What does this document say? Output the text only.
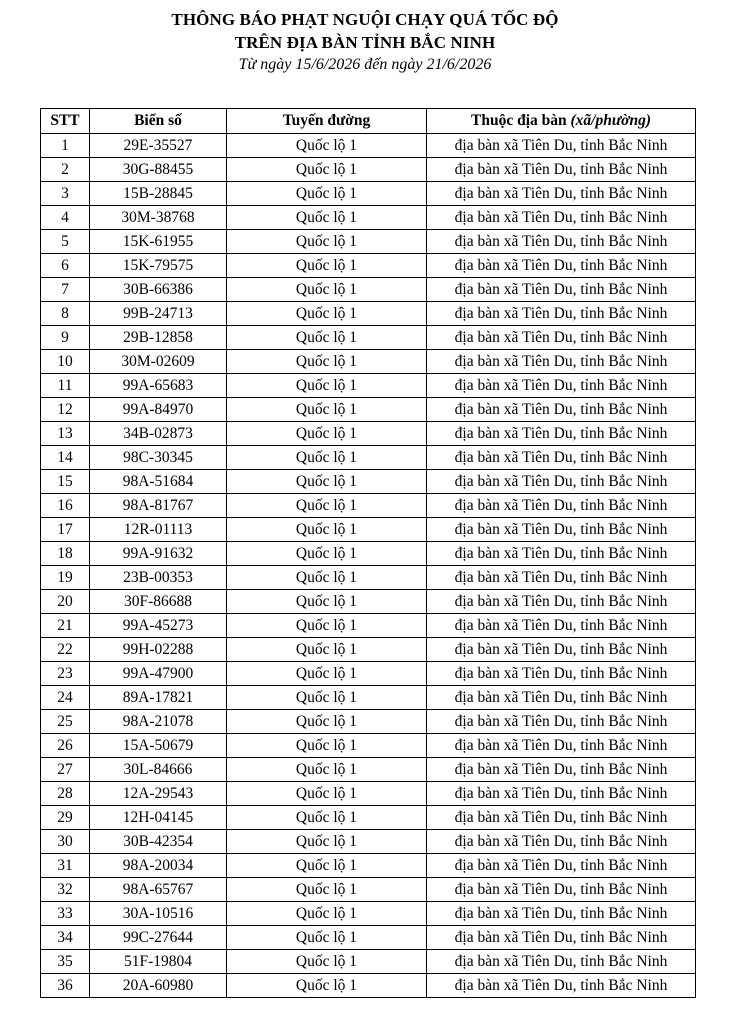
THÔNG BÁO PHẠT NGUỘI CHẠY QUÁ TỐC ĐỘ
TRÊN ĐỊA BÀN TỈNH BẮC NINH
Từ ngày 15/6/2026 đến ngày 21/6/2026
STT	Biển số	Tuyến đường	Thuộc địa bàn (xã/phường)
1	29E-35527	Quốc lộ 1	địa bàn xã Tiên Du, tỉnh Bắc Ninh
2	30G-88455	Quốc lộ 1	địa bàn xã Tiên Du, tỉnh Bắc Ninh
3	15B-28845	Quốc lộ 1	địa bàn xã Tiên Du, tỉnh Bắc Ninh
4	30M-38768	Quốc lộ 1	địa bàn xã Tiên Du, tỉnh Bắc Ninh
5	15K-61955	Quốc lộ 1	địa bàn xã Tiên Du, tỉnh Bắc Ninh
6	15K-79575	Quốc lộ 1	địa bàn xã Tiên Du, tỉnh Bắc Ninh
7	30B-66386	Quốc lộ 1	địa bàn xã Tiên Du, tỉnh Bắc Ninh
8	99B-24713	Quốc lộ 1	địa bàn xã Tiên Du, tỉnh Bắc Ninh
9	29B-12858	Quốc lộ 1	địa bàn xã Tiên Du, tỉnh Bắc Ninh
10	30M-02609	Quốc lộ 1	địa bàn xã Tiên Du, tỉnh Bắc Ninh
11	99A-65683	Quốc lộ 1	địa bàn xã Tiên Du, tỉnh Bắc Ninh
12	99A-84970	Quốc lộ 1	địa bàn xã Tiên Du, tỉnh Bắc Ninh
13	34B-02873	Quốc lộ 1	địa bàn xã Tiên Du, tỉnh Bắc Ninh
14	98C-30345	Quốc lộ 1	địa bàn xã Tiên Du, tỉnh Bắc Ninh
15	98A-51684	Quốc lộ 1	địa bàn xã Tiên Du, tỉnh Bắc Ninh
16	98A-81767	Quốc lộ 1	địa bàn xã Tiên Du, tỉnh Bắc Ninh
17	12R-01113	Quốc lộ 1	địa bàn xã Tiên Du, tỉnh Bắc Ninh
18	99A-91632	Quốc lộ 1	địa bàn xã Tiên Du, tỉnh Bắc Ninh
19	23B-00353	Quốc lộ 1	địa bàn xã Tiên Du, tỉnh Bắc Ninh
20	30F-86688	Quốc lộ 1	địa bàn xã Tiên Du, tỉnh Bắc Ninh
21	99A-45273	Quốc lộ 1	địa bàn xã Tiên Du, tỉnh Bắc Ninh
22	99H-02288	Quốc lộ 1	địa bàn xã Tiên Du, tỉnh Bắc Ninh
23	99A-47900	Quốc lộ 1	địa bàn xã Tiên Du, tỉnh Bắc Ninh
24	89A-17821	Quốc lộ 1	địa bàn xã Tiên Du, tỉnh Bắc Ninh
25	98A-21078	Quốc lộ 1	địa bàn xã Tiên Du, tỉnh Bắc Ninh
26	15A-50679	Quốc lộ 1	địa bàn xã Tiên Du, tỉnh Bắc Ninh
27	30L-84666	Quốc lộ 1	địa bàn xã Tiên Du, tỉnh Bắc Ninh
28	12A-29543	Quốc lộ 1	địa bàn xã Tiên Du, tỉnh Bắc Ninh
29	12H-04145	Quốc lộ 1	địa bàn xã Tiên Du, tỉnh Bắc Ninh
30	30B-42354	Quốc lộ 1	địa bàn xã Tiên Du, tỉnh Bắc Ninh
31	98A-20034	Quốc lộ 1	địa bàn xã Tiên Du, tỉnh Bắc Ninh
32	98A-65767	Quốc lộ 1	địa bàn xã Tiên Du, tỉnh Bắc Ninh
33	30A-10516	Quốc lộ 1	địa bàn xã Tiên Du, tỉnh Bắc Ninh
34	99C-27644	Quốc lộ 1	địa bàn xã Tiên Du, tỉnh Bắc Ninh
35	51F-19804	Quốc lộ 1	địa bàn xã Tiên Du, tỉnh Bắc Ninh
36	20A-60980	Quốc lộ 1	địa bàn xã Tiên Du, tỉnh Bắc Ninh
